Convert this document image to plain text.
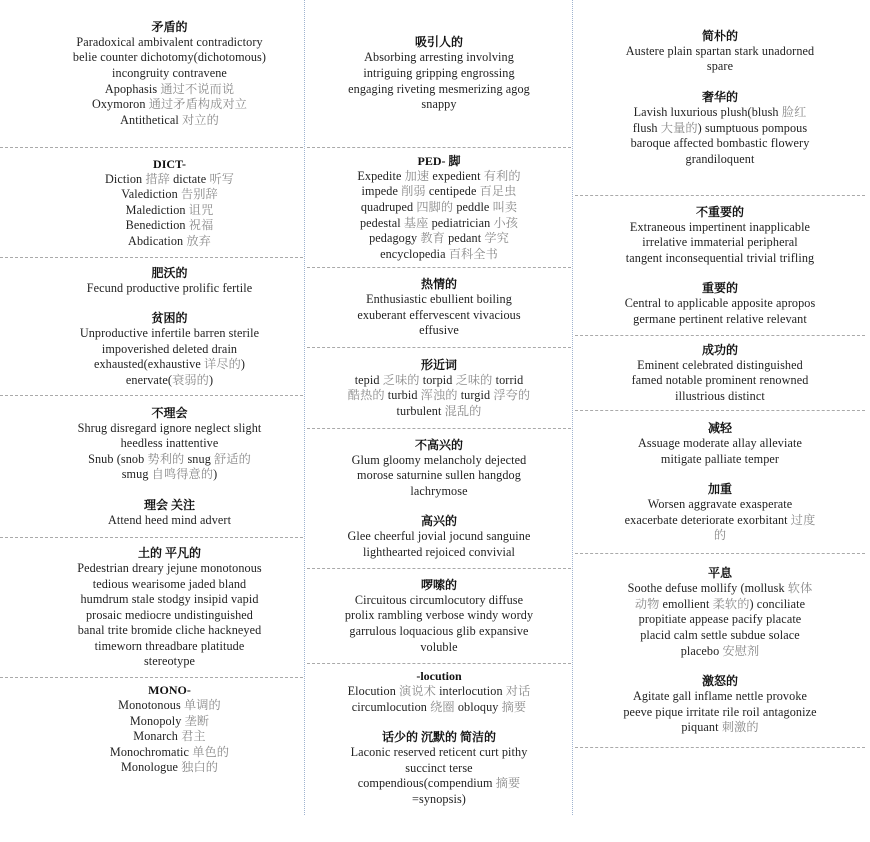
矛盾的
Paradoxical ambivalent contradictory
belie counter dichotomy(dichotomous)
incongruity contravene
Apophasis 通过不说而说
Oxymoron 通过矛盾构成对立
Antithetical 对立的
DICT-
Diction 措辞 dictate 听写
Valediction 告别辞
Malediction 诅咒
Benediction 祝福
Abdication 放弃
肥沃的
Fecund productive prolific fertile
贫困的
Unproductive infertile barren sterile
impoverished deleted drain
exhausted(exhaustive 详尽的)
enervate(衰弱的)
不理会
Shrug disregard ignore neglect slight
heedless inattentive
Snub (snob 势利的 snug 舒适的
smug 自鸣得意的)
理会 关注
Attend heed mind advert
土的 平凡的
Pedestrian dreary jejune monotonous
tedious wearisome jaded bland
humdrum stale stodgy insipid vapid
prosaic mediocre undistinguished
banal trite bromide cliche hackneyed
timeworn threadbare platitude
stereotype
MONO-
Monotonous 单调的
Monopoly 垄断
Monarch 君主
Monochromatic 单色的
Monologue 独白的
吸引人的
Absorbing arresting involving
intriguing gripping engrossing
engaging riveting mesmerizing agog
snappy
PED- 脚
Expedite 加速 expedient 有利的
impede 削弱 centipede 百足虫
quadruped 四脚的 peddle 叫卖
pedestal 基座 pediatrician 小孩
pedagogy 教育 pedant 学究
encyclopedia 百科全书
热情的
Enthusiastic ebullient boiling
exuberant effervescent vivacious
effusive
形近词
tepid 乏味的 torpid 乏味的 torrid
酷热的 turbid 浑浊的 turgid 浮夸的
turbulent 混乱的
不高兴的
Glum gloomy melancholy dejected
morose saturnine sullen hangdog
lachrymose
高兴的
Glee cheerful jovial jocund sanguine
lighthearted rejoiced convivial
啰嗦的
Circuitous circumlocutory diffuse
prolix rambling verbose windy wordy
garrulous loquacious glib expansive
voluble
-locution
Elocution 演说术 interlocution 对话
circumlocution 绕圈 obloquy 摘要
话少的 沉默的 简洁的
Laconic reserved reticent curt pithy
succinct terse
compendious(compendium 摘要
=synopsis)
简朴的
Austere plain spartan stark unadorned
spare
奢华的
Lavish luxurious plush(blush 脸红
flush 大量的) sumptuous pompous
baroque affected bombastic flowery
grandiloquent
不重要的
Extraneous impertinent inapplicable
irrelative immaterial peripheral
tangent inconsequential trivial trifling
重要的
Central to applicable apposite apropos
germane pertinent relative relevant
成功的
Eminent celebrated distinguished
famed notable prominent renowned
illustrious distinct
减轻
Assuage moderate allay alleviate
mitigate palliate temper
加重
Worsen aggravate exasperate
exacerbate deteriorate exorbitant 过度
的
平息
Soothe defuse mollify (mollusk 软体
动物 emollient 柔软的) conciliate
propitiate appease pacify placate
placid calm settle subdue solace
placebo 安慰剂
激怒的
Agitate gall inflame nettle provoke
peeve pique irritate rile roil antagonize
piquant 刺激的
